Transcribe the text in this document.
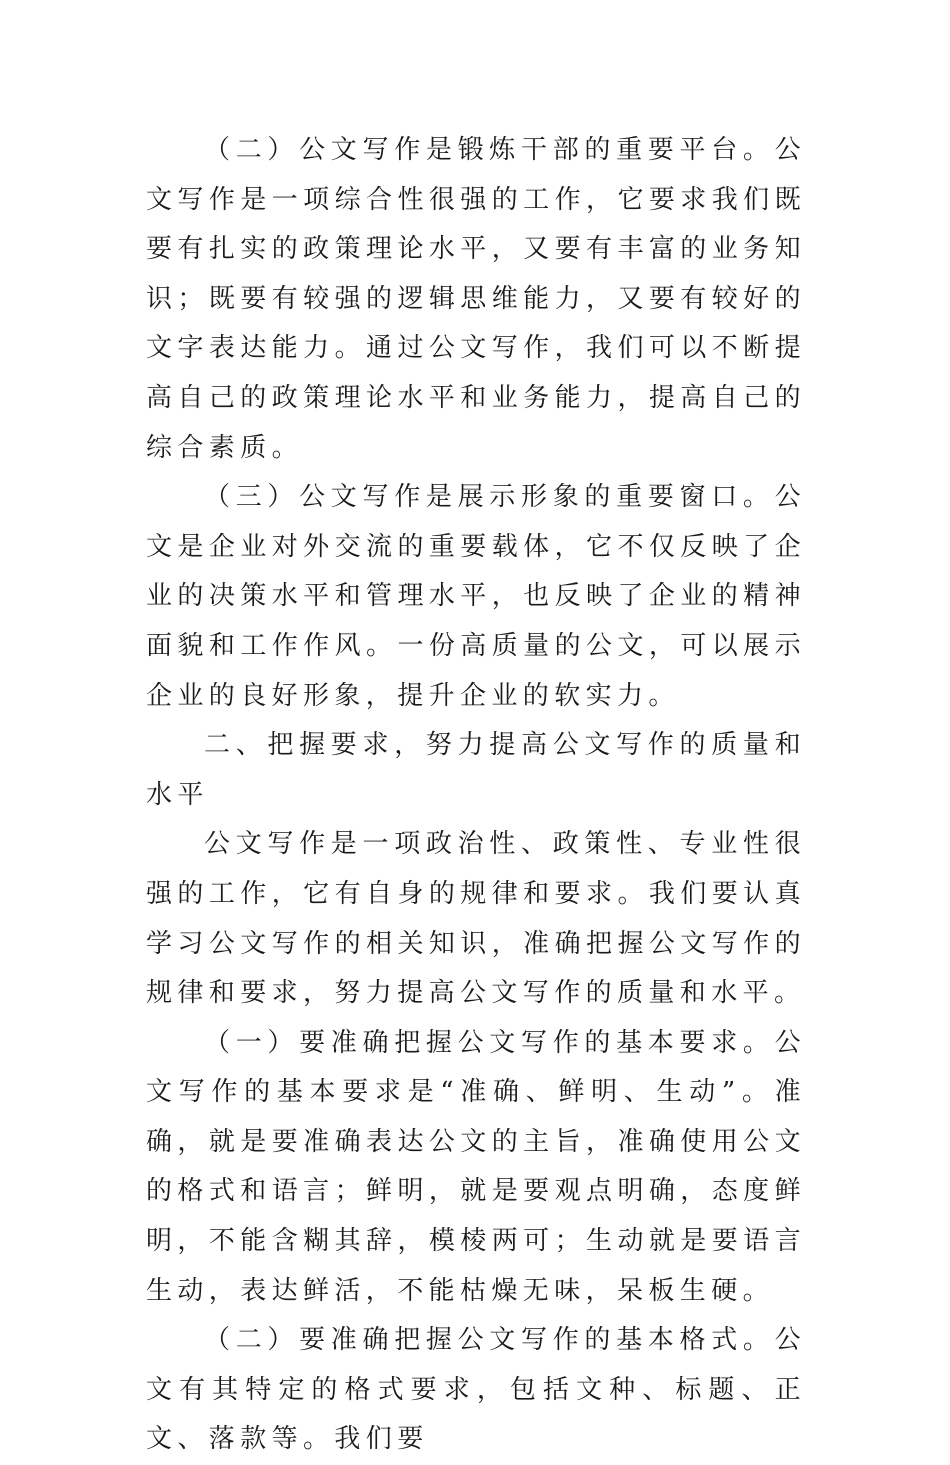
（二）公文写作是锻炼干部的重要平台。公文写作是一项综合性很强的工作，它要求我们既要有扎实的政策理论水平，又要有丰富的业务知识；既要有较强的逻辑思维能力，又要有较好的文字表达能力。通过公文写作，我们可以不断提高自己的政策理论水平和业务能力，提高自己的综合素质。

（三）公文写作是展示形象的重要窗口。公文是企业对外交流的重要载体，它不仅反映了企业的决策水平和管理水平，也反映了企业的精神面貌和工作作风。一份高质量的公文，可以展示企业的良好形象，提升企业的软实力。

二、把握要求，努力提高公文写作的质量和水平

公文写作是一项政治性、政策性、专业性很强的工作，它有自身的规律和要求。我们要认真学习公文写作的相关知识，准确把握公文写作的规律和要求，努力提高公文写作的质量和水平。

（一）要准确把握公文写作的基本要求。公文写作的基本要求是“准确、鲜明、生动”。准确，就是要准确表达公文的主旨，准确使用公文的格式和语言；鲜明，就是要观点明确，态度鲜明，不能含糊其辞，模棱两可；生动就是要语言生动，表达鲜活，不能枯燥无味，呆板生硬。

（二）要准确把握公文写作的基本格式。公文有其特定的格式要求，包括文种、标题、正文、落款等。我们要
